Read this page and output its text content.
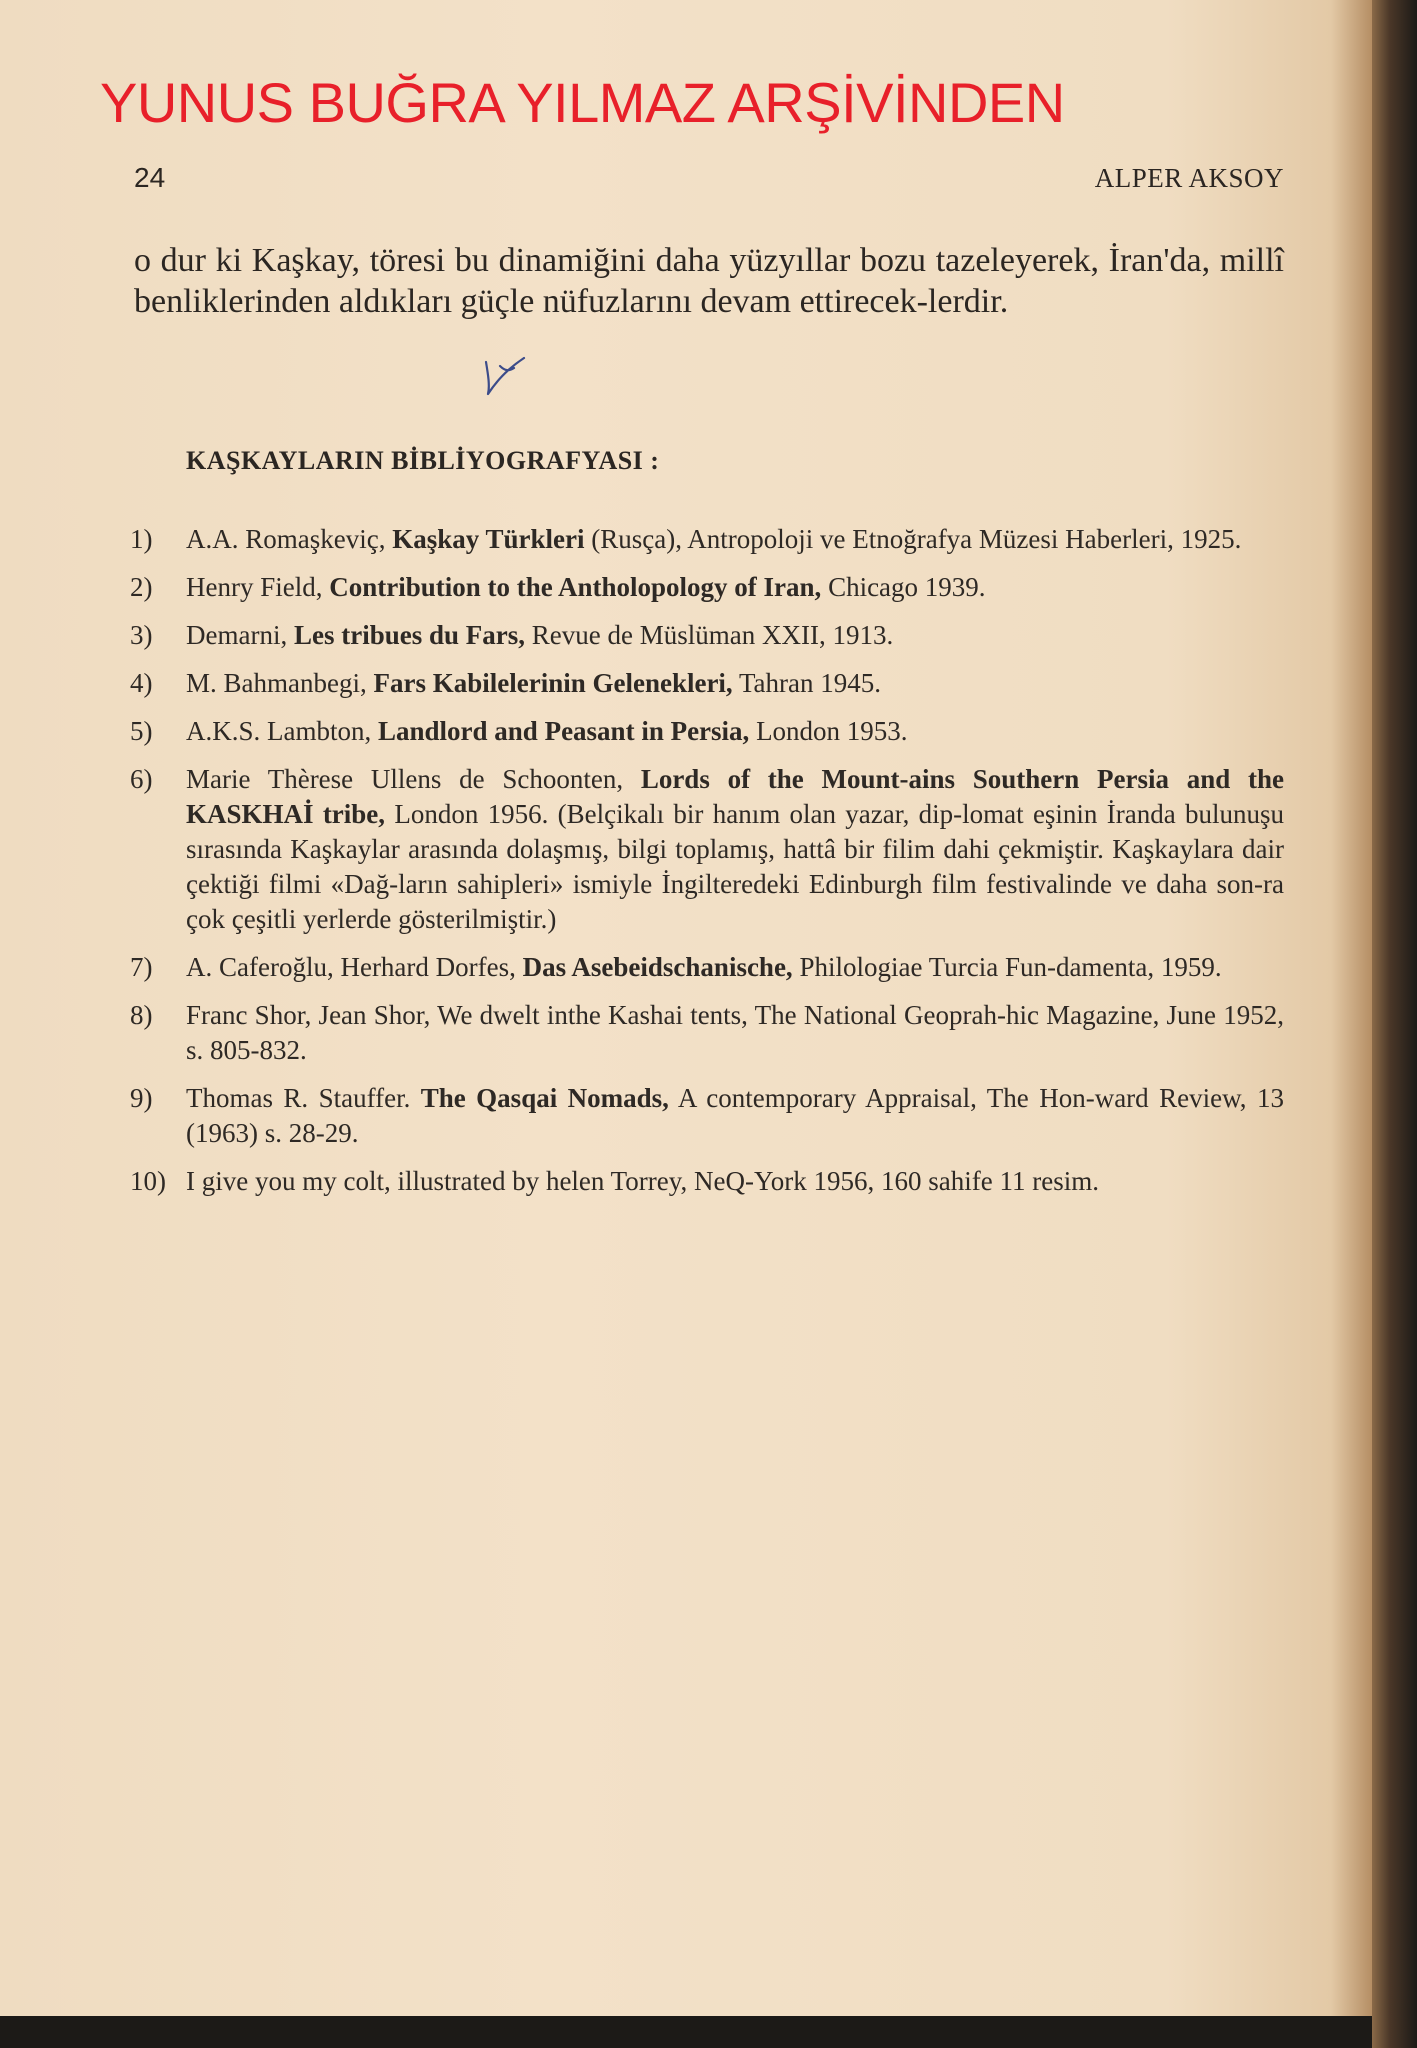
YUNUS BUĞRA YILMAZ ARŞİVİNDEN
24	ALPER AKSOY

o dur ki Kaşkay, töresi bu dinamiğini daha yüzyıllar bozu tazeleyerek, İran'da, millî benliklerinden aldıkları güçle nüfuzlarını devam ettirecek-lerdir.

KAŞKAYLARIN BİBLİYOGRAFYASI :
1) A.A. Romaşkeviç, Kaşkay Türkleri (Rusça), Antropoloji ve Etnoğrafya Müzesi Haberleri, 1925.
2) Henry Field, Contribution to the Antholopology of Iran, Chicago 1939.
3) Demarni, Les tribues du Fars, Revue de Müslüman XXII, 1913.
4) M. Bahmanbegi, Fars Kabilelerinin Gelenekleri, Tahran 1945.
5) A.K.S. Lambton, Landlord and Peasant in Persia, London 1953.
6) Marie Thèrese Ullens de Schoonten, Lords of the Mount-ains Southern Persia and the KASKHAİ tribe, London 1956. (Belçikalı bir hanım olan yazar, dip-lomat eşinin İranda bulunuşu sırasında Kaşkaylar arasında dolaşmış, bilgi toplamış, hattâ bir filim dahi çekmiştir. Kaşkaylara dair çektiği filmi «Dağ-ların sahipleri» ismiyle İngilteredeki Edinburgh film festivalinde ve daha son-ra çok çeşitli yerlerde gösterilmiştir.)
7) A. Caferoğlu, Herhard Dorfes, Das Asebeidschanische, Philologiae Turcia Fun-damenta, 1959.
8) Franc Shor, Jean Shor, We dwelt inthe Kashai tents, The National Geoprah-hic Magazine, June 1952, s. 805-832.
9) Thomas R. Stauffer. The Qasqai Nomads, A contemporary Appraisal, The Hon-ward Review, 13 (1963) s. 28-29.
10) I give you my colt, illustrated by helen Torrey, NeQ-York 1956, 160 sahife 11 resim.
